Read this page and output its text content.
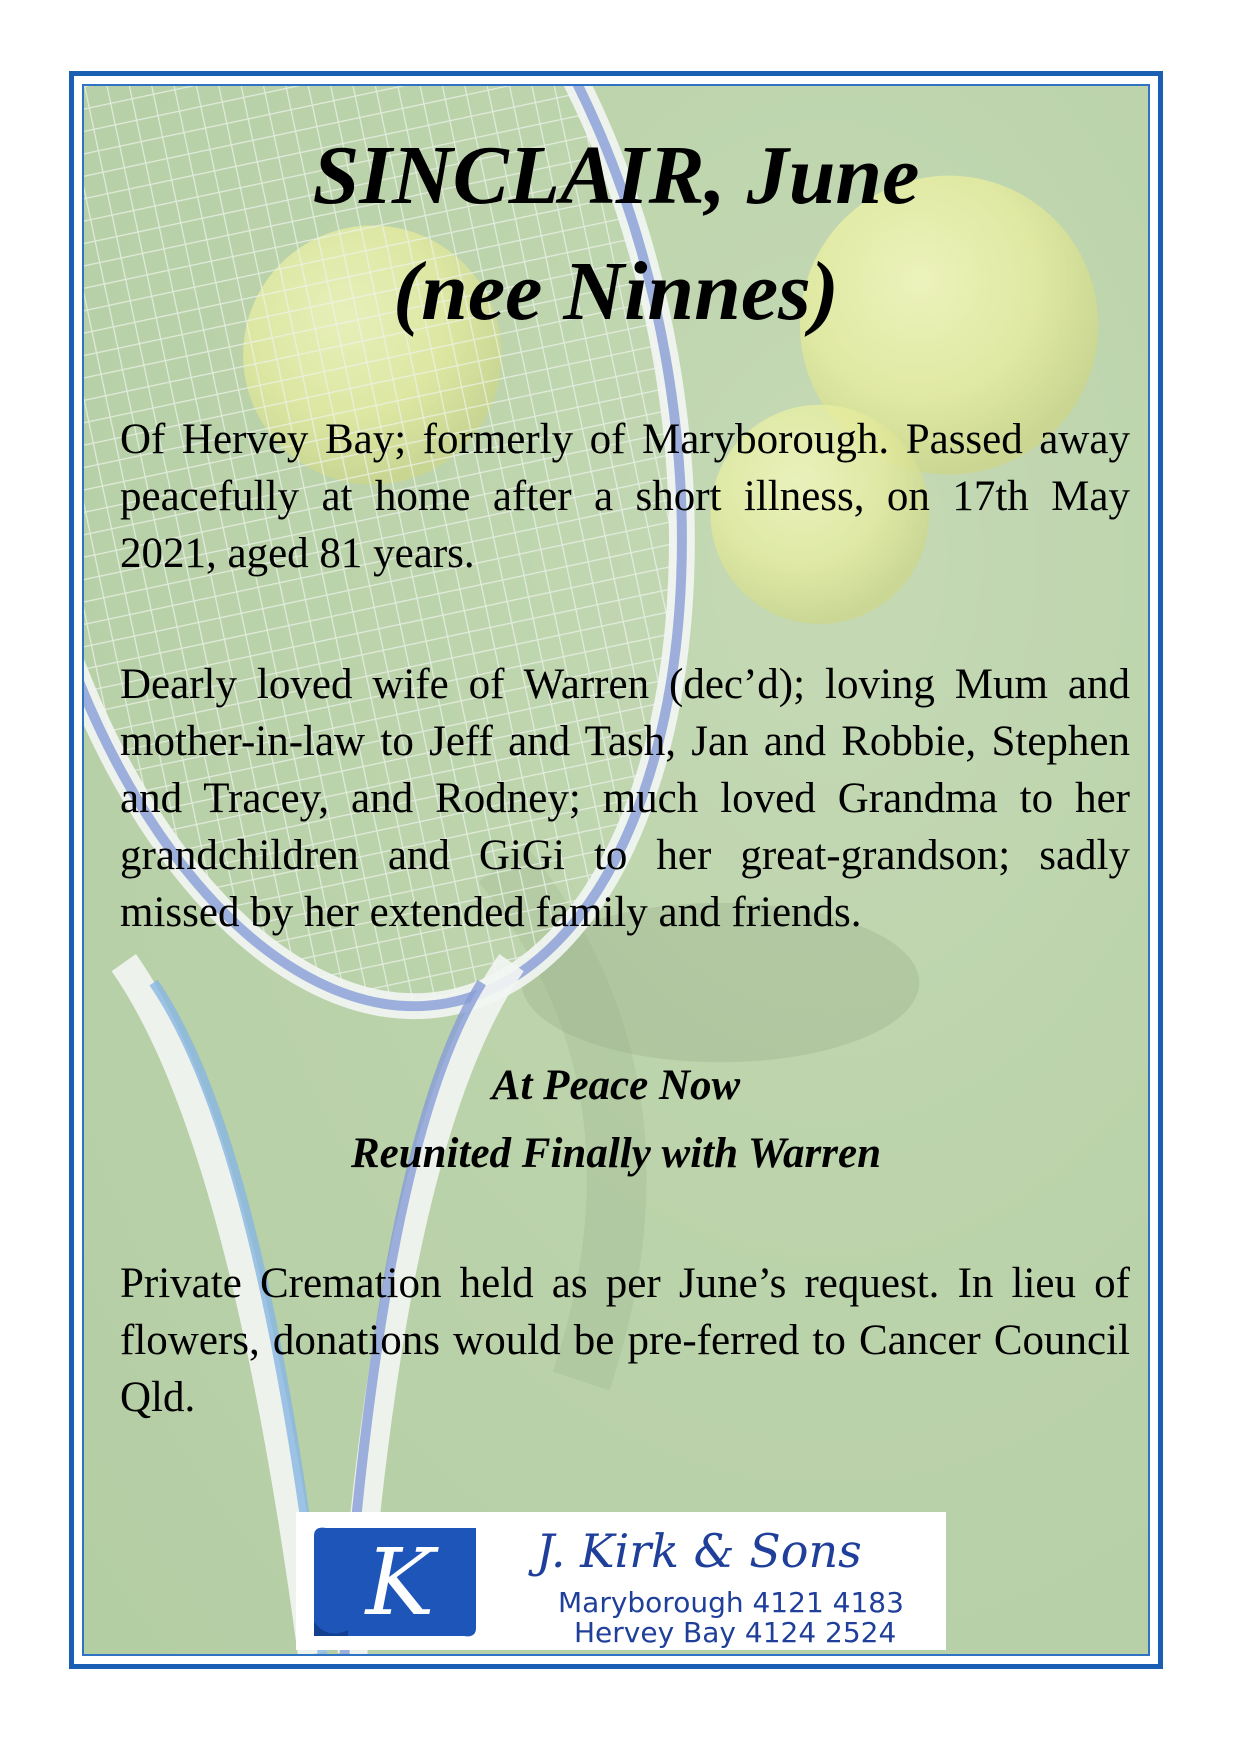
SINCLAIR, June
(nee Ninnes)

Of Hervey Bay; formerly of Maryborough. Passed away peacefully at home after a short illness, on 17th May 2021, aged 81 years.

Dearly loved wife of Warren (dec’d); loving Mum and mother-in-law to Jeff and Tash, Jan and Robbie, Stephen and Tracey, and Rodney; much loved Grandma to her grandchildren and GiGi to her great-grandson; sadly missed by her extended family and friends.

At Peace Now
Reunited Finally with Warren

Private Cremation held as per June’s request. In lieu of flowers, donations would be pre-ferred to Cancer Council Qld.

K J. Kirk & Sons
Maryborough 4121 4183
Hervey Bay 4124 2524
